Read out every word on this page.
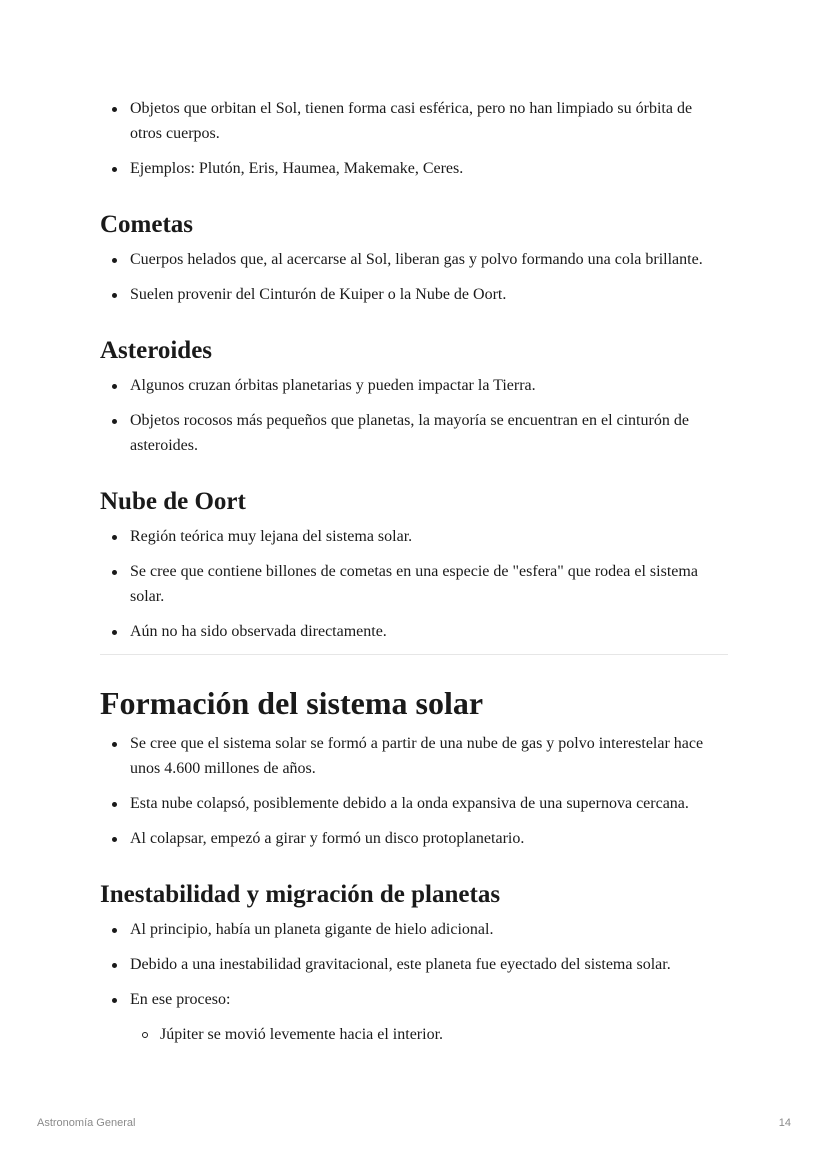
Objetos que orbitan el Sol, tienen forma casi esférica, pero no han limpiado su órbita de otros cuerpos.
Ejemplos: Plutón, Eris, Haumea, Makemake, Ceres.
Cometas
Cuerpos helados que, al acercarse al Sol, liberan gas y polvo formando una cola brillante.
Suelen provenir del Cinturón de Kuiper o la Nube de Oort.
Asteroides
Algunos cruzan órbitas planetarias y pueden impactar la Tierra.
Objetos rocosos más pequeños que planetas, la mayoría se encuentran en el cinturón de asteroides.
Nube de Oort
Región teórica muy lejana del sistema solar.
Se cree que contiene billones de cometas en una especie de "esfera" que rodea el sistema solar.
Aún no ha sido observada directamente.
Formación del sistema solar
Se cree que el sistema solar se formó a partir de una nube de gas y polvo interestelar hace unos 4.600 millones de años.
Esta nube colapsó, posiblemente debido a la onda expansiva de una supernova cercana.
Al colapsar, empezó a girar y formó un disco protoplanetario.
Inestabilidad y migración de planetas
Al principio, había un planeta gigante de hielo adicional.
Debido a una inestabilidad gravitacional, este planeta fue eyectado del sistema solar.
En ese proceso:
Júpiter se movió levemente hacia el interior.
Astronomía General	14
